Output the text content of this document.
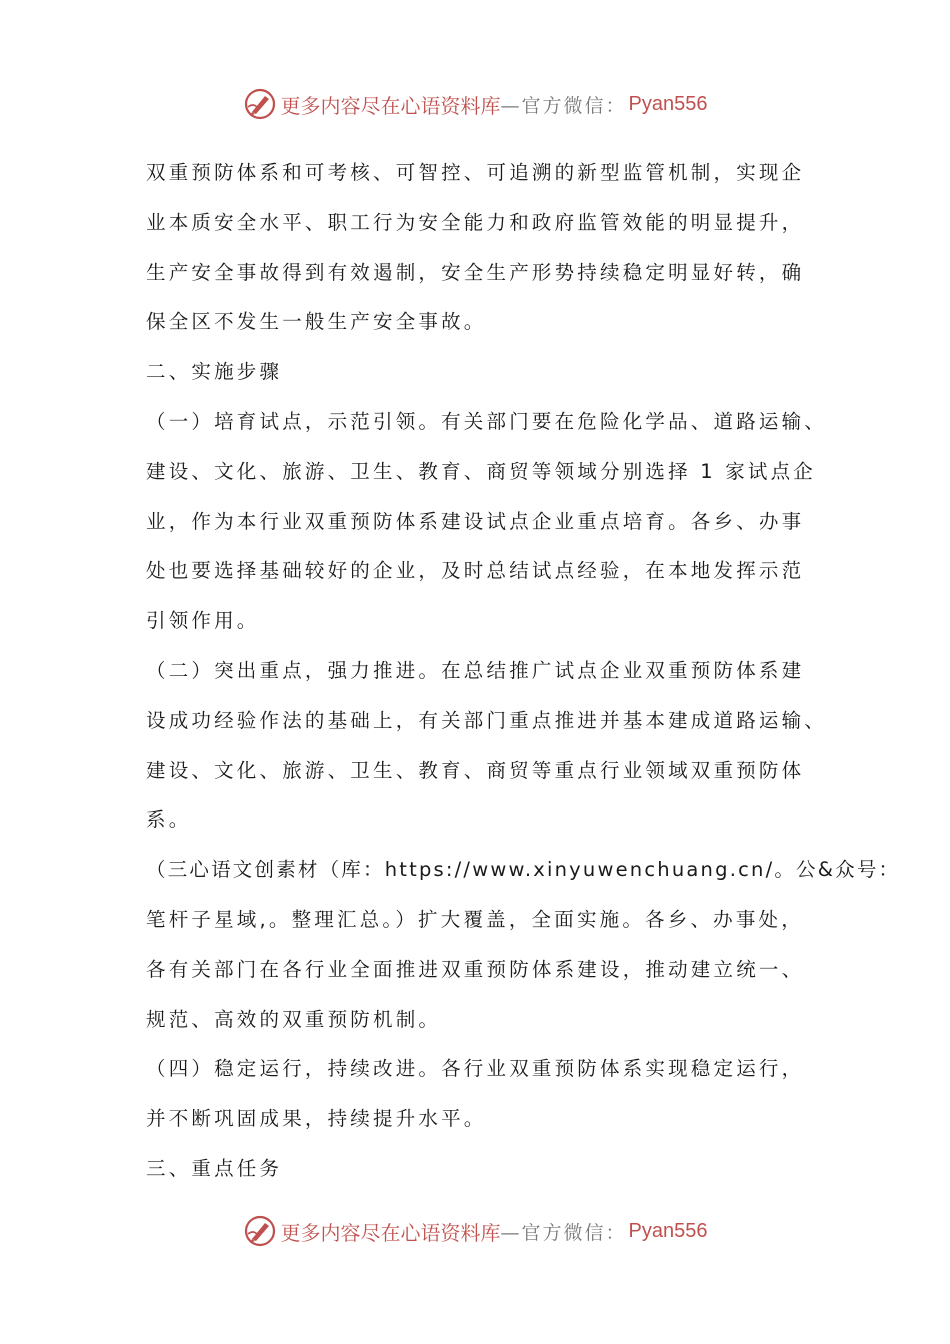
更多内容尽在心语资料库 —官方微信： Pyan556

双重预防体系和可考核、可智控、可追溯的新型监管机制，实现企

业本质安全水平、职工行为安全能力和政府监管效能的明显提升，

生产安全事故得到有效遏制，安全生产形势持续稳定明显好转，确

保全区不发生一般生产安全事故。

二、实施步骤

（一）培育试点，示范引领。有关部门要在危险化学品、道路运输、

建设、文化、旅游、卫生、教育、商贸等领域分别选择 1 家试点企

业，作为本行业双重预防体系建设试点企业重点培育。各乡、办事

处也要选择基础较好的企业，及时总结试点经验，在本地发挥示范

引领作用。

（二）突出重点，强力推进。在总结推广试点企业双重预防体系建

设成功经验作法的基础上，有关部门重点推进并基本建成道路运输、

建设、文化、旅游、卫生、教育、商贸等重点行业领域双重预防体

系。

（三心语文创素材（库：https://www.xinyuwenchuang.cn/。公&众号：

笔杆子星域,。整理汇总。）扩大覆盖，全面实施。各乡、办事处，

各有关部门在各行业全面推进双重预防体系建设，推动建立统一、

规范、高效的双重预防机制。

（四）稳定运行，持续改进。各行业双重预防体系实现稳定运行，

并不断巩固成果，持续提升水平。

三、重点任务

更多内容尽在心语资料库 —官方微信： Pyan556
